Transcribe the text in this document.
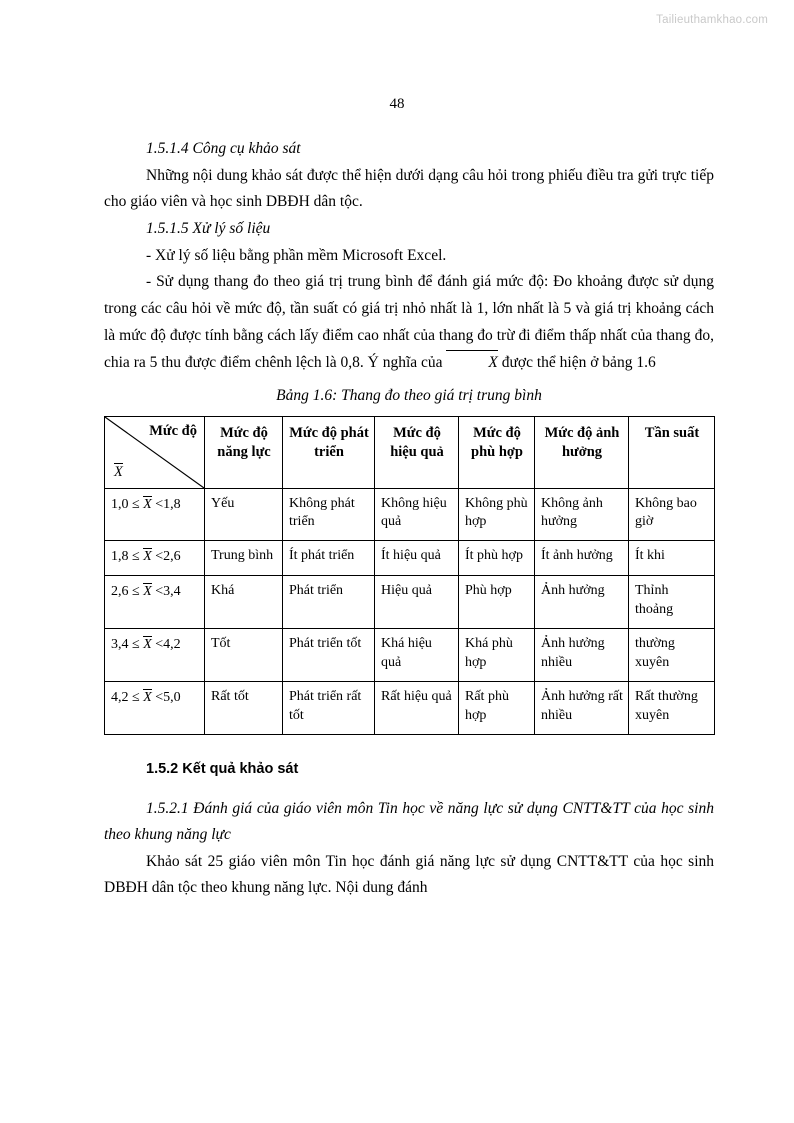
Tailieuthamkhao.com
48

1.5.1.4 Công cụ khảo sát

Những nội dung khảo sát được thể hiện dưới dạng câu hỏi trong phiếu điều tra gửi trực tiếp cho giáo viên và học sinh DBĐH dân tộc.

1.5.1.5 Xử lý số liệu

- Xử lý số liệu bằng phần mềm Microsoft Excel.

- Sử dụng thang đo theo giá trị trung bình để đánh giá mức độ: Đo khoảng được sử dụng trong các câu hỏi về mức độ, tần suất có giá trị nhỏ nhất là 1, lớn nhất là 5 và giá trị khoảng cách là mức độ được tính bằng cách lấy điểm cao nhất của thang đo trừ đi điểm thấp nhất của thang đo, chia ra 5 thu được điểm chênh lệch là 0,8. Ý nghĩa của	X được thể hiện ở bảng 1.6

Bảng 1.6: Thang đo theo giá trị trung bình

Mức độ
X	Mức độ năng lực	Mức độ phát triển	Mức độ hiệu quả	Mức độ phù hợp	Mức độ ảnh hưởng	Tần suất
1,0 ≤ X <1,8	Yếu	Không phát triển	Không hiệu quả	Không phù hợp	Không ảnh hưởng	Không bao giờ
1,8 ≤ X <2,6	Trung bình	Ít phát triển	Ít hiệu quả	Ít phù hợp	Ít ảnh hưởng	Ít khi
2,6 ≤ X <3,4	Khá	Phát triển	Hiệu quả	Phù hợp	Ảnh hưởng	Thỉnh thoảng
3,4 ≤ X <4,2	Tốt	Phát triển tốt	Khá hiệu quả	Khá phù hợp	Ảnh hưởng nhiều	thường xuyên
4,2 ≤ X <5,0	Rất tốt	Phát triển rất tốt	Rất hiệu quả	Rất phù hợp	Ảnh hưởng rất nhiều	Rất thường xuyên

1.5.2 Kết quả khảo sát

1.5.2.1 Đánh giá của giáo viên môn Tin học về năng lực sử dụng CNTT&TT của học sinh theo khung năng lực

Khảo sát 25 giáo viên môn Tin học đánh giá năng lực sử dụng CNTT&TT của học sinh DBĐH dân tộc theo khung năng lực. Nội dung đánh
